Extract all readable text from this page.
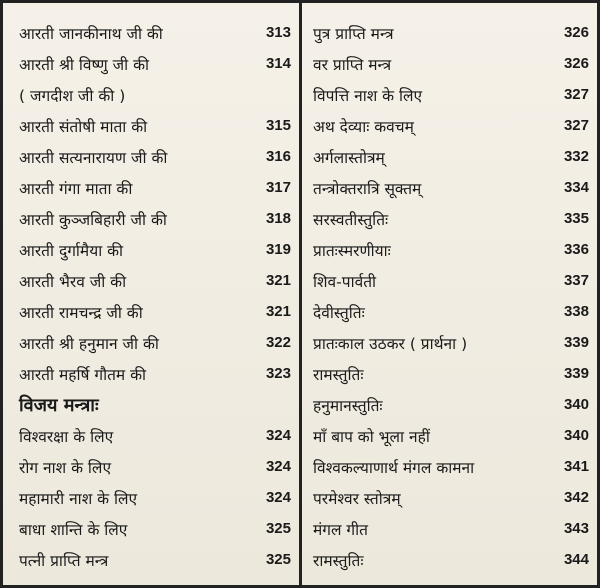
आरती जानकीनाथ जी की	313
आरती श्री विष्णु जी की	314
( जगदीश जी की )
आरती संतोषी माता की	315
आरती सत्यनारायण जी की	316
आरती गंगा माता की	317
आरती कुञ्जबिहारी जी की	318
आरती दुर्गामैया की	319
आरती भैरव जी की	321
आरती रामचन्द्र जी की	321
आरती श्री हनुमान जी की	322
आरती महर्षि गौतम की	323
विजय मन्त्राः
विश्वरक्षा के लिए	324
रोग नाश के लिए	324
महामारी नाश के लिए	324
बाधा शान्ति के लिए	325
पत्नी प्राप्ति मन्त्र	325
पुत्र प्राप्ति मन्त्र	326
वर प्राप्ति मन्त्र	326
विपत्ति नाश के लिए	327
अथ देव्याः कवचम्	327
अर्गलास्तोत्रम्	332
तन्त्रोक्तरात्रि सूक्तम्	334
सरस्वतीस्तुतिः	335
प्रातःस्मरणीयाः	336
शिव-पार्वती	337
देवीस्तुतिः	338
प्रातःकाल उठकर ( प्रार्थना )	339
रामस्तुतिः	339
हनुमानस्तुतिः	340
माँ बाप को भूला नहीं	340
विश्वकल्याणार्थ मंगल कामना	341
परमेश्वर स्तोत्रम्	342
मंगल गीत	343
रामस्तुतिः	344
